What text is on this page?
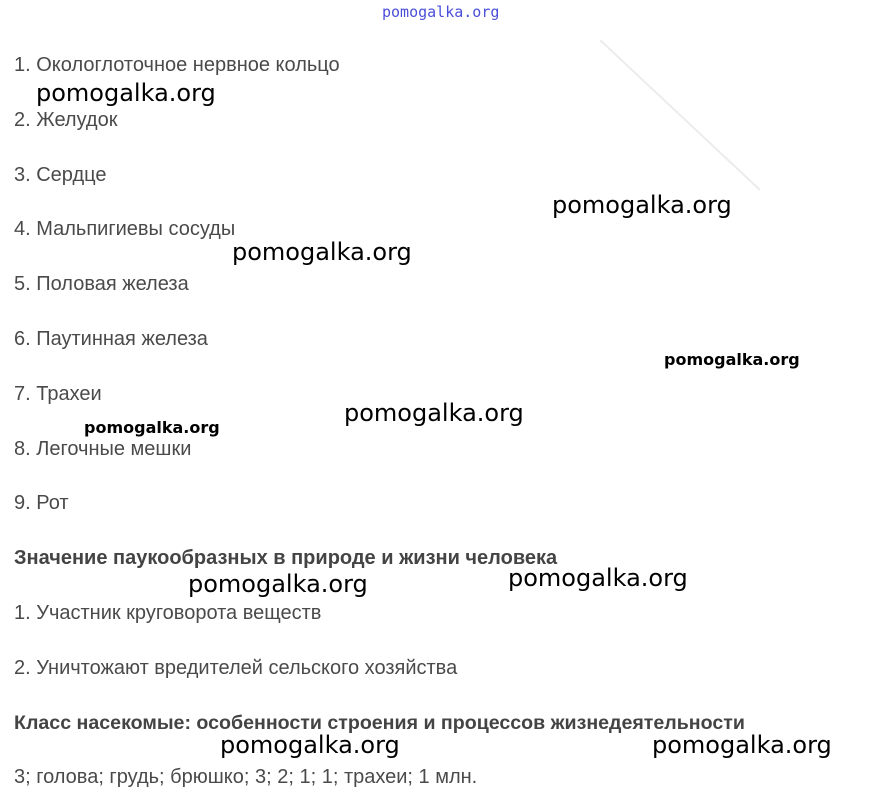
pomogalka.org
1. Окологлоточное нервное кольцо
2. Желудок
3. Сердце
4. Мальпигиевы сосуды
5. Половая железа
6. Паутинная железа
7. Трахеи
8. Легочные мешки
9. Рот
Значение паукообразных в природе и жизни человека
1. Участник круговорота веществ
2. Уничтожают вредителей сельского хозяйства
Класс насекомые: особенности строения и процессов жизнедеятельности
3; голова; грудь; брюшко; 3; 2; 1; 1; трахеи; 1 млн.
pomogalka.org
pomogalka.org
pomogalka.org
pomogalka.org
pomogalka.org
pomogalka.org
pomogalka.org
pomogalka.org
pomogalka.org	pomogalka.org
